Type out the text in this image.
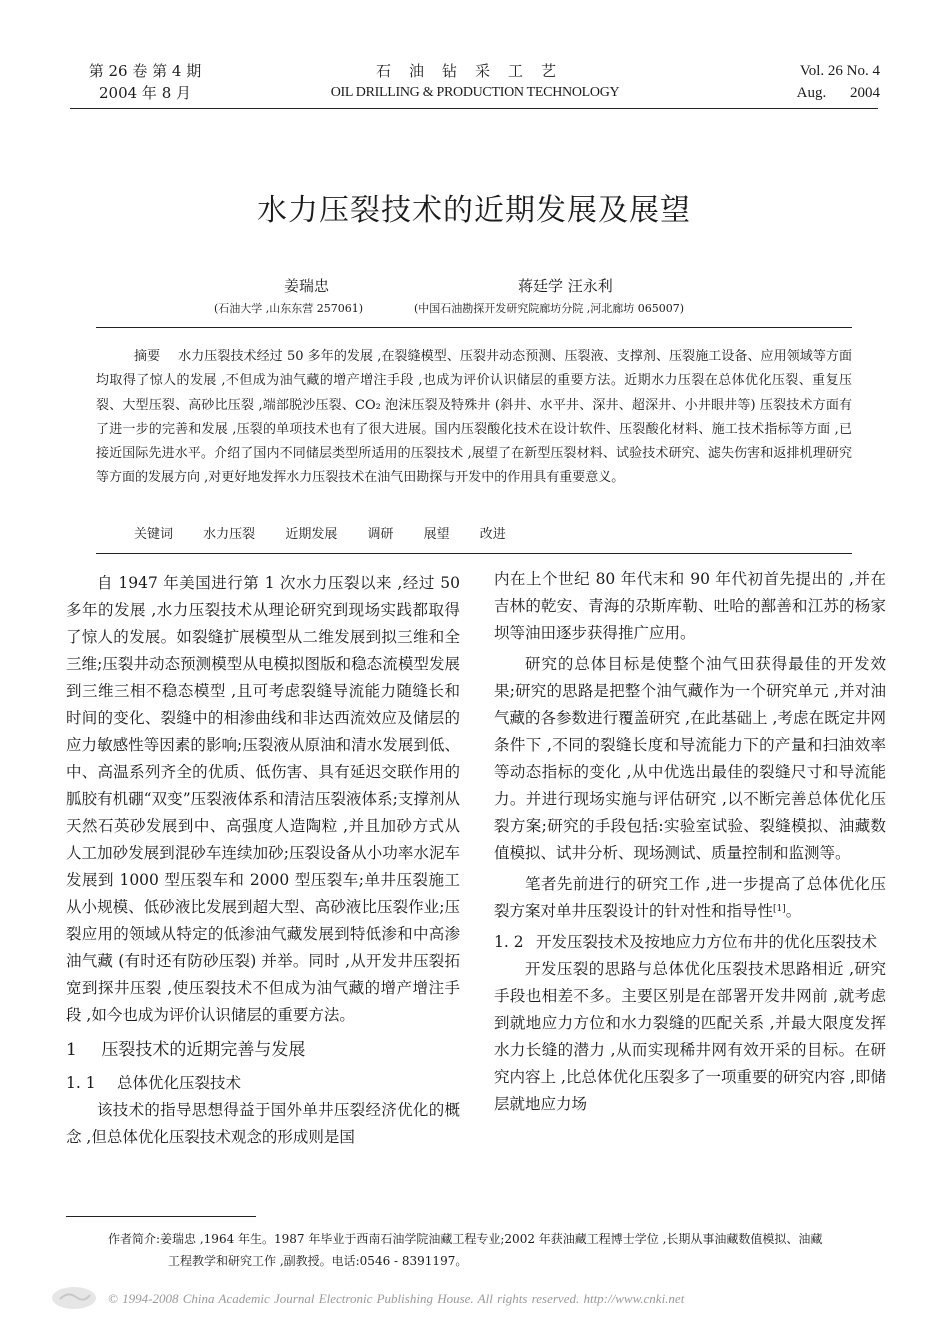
第 26 卷 第 4 期
2004 年 8 月
石油钻采工艺
OIL DRILLING & PRODUCTION TECHNOLOGY
Vol. 26 No. 4
Aug. 2004
水力压裂技术的近期发展及展望
姜瑞忠	蒋廷学 汪永利
(石油大学 ,山东东营 257061)	(中国石油勘探开发研究院廊坊分院 ,河北廊坊 065007)
摘要 水力压裂技术经过 50 多年的发展 ,在裂缝模型、压裂井动态预测、压裂液、支撑剂、压裂施工设备、应用领域等方面均取得了惊人的发展 ,不但成为油气藏的增产增注手段 ,也成为评价认识储层的重要方法。近期水力压裂在总体优化压裂、重复压裂、大型压裂、高砂比压裂 ,端部脱沙压裂、CO₂ 泡沫压裂及特殊井 (斜井、水平井、深井、超深井、小井眼井等) 压裂技术方面有了进一步的完善和发展 ,压裂的单项技术也有了很大进展。国内压裂酸化技术在设计软件、压裂酸化材料、施工技术指标等方面 ,已接近国际先进水平。介绍了国内不同储层类型所适用的压裂技术 ,展望了在新型压裂材料、试验技术研究、滤失伤害和返排机理研究等方面的发展方向 ,对更好地发挥水力压裂技术在油气田勘探与开发中的作用具有重要意义。
关键词 水力压裂 近期发展 调研 展望 改进

自 1947 年美国进行第 1 次水力压裂以来 ,经过 50 多年的发展 ,水力压裂技术从理论研究到现场实践都取得了惊人的发展。如裂缝扩展模型从二维发展到拟三维和全三维;压裂井动态预测模型从电模拟图版和稳态流模型发展到三维三相不稳态模型 ,且可考虑裂缝导流能力随缝长和时间的变化、裂缝中的相渗曲线和非达西流效应及储层的应力敏感性等因素的影响;压裂液从原油和清水发展到低、中、高温系列齐全的优质、低伤害、具有延迟交联作用的胍胶有机硼“双变”压裂液体系和清洁压裂液体系;支撑剂从天然石英砂发展到中、高强度人造陶粒 ,并且加砂方式从人工加砂发展到混砂车连续加砂;压裂设备从小功率水泥车发展到 1000 型压裂车和 2000 型压裂车;单井压裂施工从小规模、低砂液比发展到超大型、高砂液比压裂作业;压裂应用的领域从特定的低渗油气藏发展到特低渗和中高渗油气藏 (有时还有防砂压裂) 并举。同时 ,从开发井压裂拓宽到探井压裂 ,使压裂技术不但成为油气藏的增产增注手段 ,如今也成为评价认识储层的重要方法。

1 压裂技术的近期完善与发展
1. 1 总体优化压裂技术

该技术的指导思想得益于国外单井压裂经济优化的概念 ,但总体优化压裂技术观念的形成则是国

内在上个世纪 80 年代末和 90 年代初首先提出的 ,并在吉林的乾安、青海的尕斯库勒、吐哈的鄯善和江苏的杨家坝等油田逐步获得推广应用。

研究的总体目标是使整个油气田获得最佳的开发效果;研究的思路是把整个油气藏作为一个研究单元 ,并对油气藏的各参数进行覆盖研究 ,在此基础上 ,考虑在既定井网条件下 ,不同的裂缝长度和导流能力下的产量和扫油效率等动态指标的变化 ,从中优选出最佳的裂缝尺寸和导流能力。并进行现场实施与评估研究 ,以不断完善总体优化压裂方案;研究的手段包括:实验室试验、裂缝模拟、油藏数值模拟、试井分析、现场测试、质量控制和监测等。

笔者先前进行的研究工作 ,进一步提高了总体优化压裂方案对单井压裂设计的针对性和指导性[1]。

1. 2 开发压裂技术及按地应力方位布井的优化压裂技术

开发压裂的思路与总体优化压裂技术思路相近 ,研究手段也相差不多。主要区别是在部署开发井网前 ,就考虑到就地应力方位和水力裂缝的匹配关系 ,并最大限度发挥水力长缝的潜力 ,从而实现稀井网有效开采的目标。在研究内容上 ,比总体优化压裂多了一项重要的研究内容 ,即储层就地应力场

作者简介:姜瑞忠 ,1964 年生。1987 年毕业于西南石油学院油藏工程专业;2002 年获油藏工程博士学位 ,长期从事油藏数值模拟、油藏
工程教学和研究工作 ,副教授。电话:0546 - 8391197。
© 1994-2008 China Academic Journal Electronic Publishing House. All rights reserved. http://www.cnki.net
